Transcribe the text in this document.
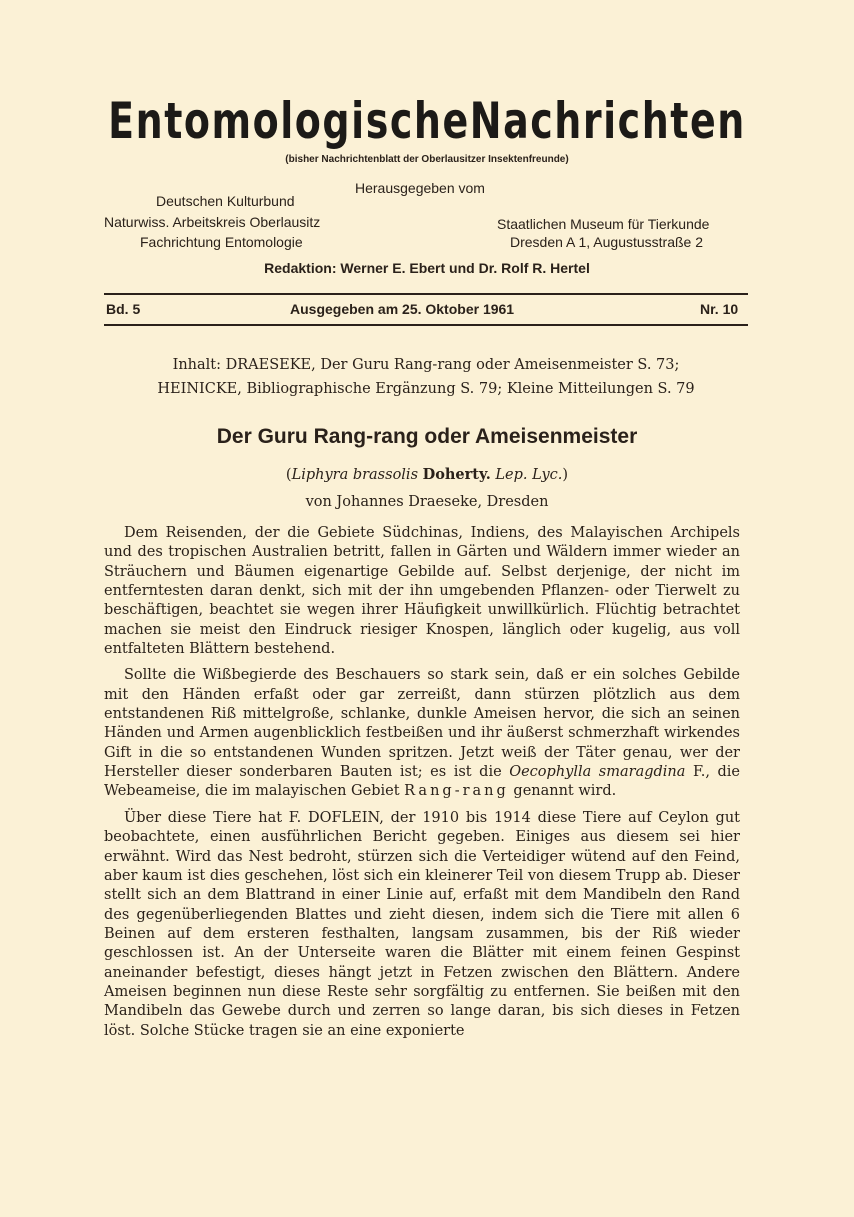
EntomologischeNachrichten
(bisher Nachrichtenblatt der Oberlausitzer Insektenfreunde)
Herausgegeben vom
Deutschen Kulturbund
Naturwiss. Arbeitskreis Oberlausitz
Fachrichtung Entomologie
Staatlichen Museum für Tierkunde
Dresden A 1, Augustusstraße 2
Redaktion: Werner E. Ebert und Dr. Rolf R. Hertel
Bd. 5	Ausgegeben am 25. Oktober 1961	Nr. 10
Inhalt: DRAESEKE, Der Guru Rang-rang oder Ameisenmeister S. 73;
HEINICKE, Bibliographische Ergänzung S. 79; Kleine Mitteilungen S. 79
Der Guru Rang-rang oder Ameisenmeister
(Liphyra brassolis Doherty. Lep. Lyc.)
von Johannes Draeseke, Dresden

Dem Reisenden, der die Gebiete Südchinas, Indiens, des Malayischen Archipels und des tropischen Australien betritt, fallen in Gärten und Wäldern immer wieder an Sträuchern und Bäumen eigenartige Gebilde auf. Selbst derjenige, der nicht im entferntesten daran denkt, sich mit der ihn umgebenden Pflanzen- oder Tierwelt zu beschäftigen, beachtet sie wegen ihrer Häufigkeit unwillkürlich. Flüchtig betrachtet machen sie meist den Eindruck riesiger Knospen, länglich oder kugelig, aus voll entfalteten Blättern bestehend.

Sollte die Wißbegierde des Beschauers so stark sein, daß er ein solches Gebilde mit den Händen erfaßt oder gar zerreißt, dann stürzen plötzlich aus dem entstandenen Riß mittelgroße, schlanke, dunkle Ameisen hervor, die sich an seinen Händen und Armen augenblicklich festbeißen und ihr äußerst schmerzhaft wirkendes Gift in die so entstandenen Wunden spritzen. Jetzt weiß der Täter genau, wer der Hersteller dieser sonderbaren Bauten ist; es ist die Oecophylla smaragdina F., die Webeameise, die im malayischen Gebiet Rang-rang genannt wird.

Über diese Tiere hat F. DOFLEIN, der 1910 bis 1914 diese Tiere auf Ceylon gut beobachtete, einen ausführlichen Bericht gegeben. Einiges aus diesem sei hier erwähnt. Wird das Nest bedroht, stürzen sich die Verteidiger wütend auf den Feind, aber kaum ist dies geschehen, löst sich ein kleinerer Teil von diesem Trupp ab. Dieser stellt sich an dem Blattrand in einer Linie auf, erfaßt mit dem Mandibeln den Rand des gegenüberliegenden Blattes und zieht diesen, indem sich die Tiere mit allen 6 Beinen auf dem ersteren festhalten, langsam zusammen, bis der Riß wieder geschlossen ist. An der Unterseite waren die Blätter mit einem feinen Gespinst aneinander befestigt, dieses hängt jetzt in Fetzen zwischen den Blättern. Andere Ameisen beginnen nun diese Reste sehr sorgfältig zu entfernen. Sie beißen mit den Mandibeln das Gewebe durch und zerren so lange daran, bis sich dieses in Fetzen löst. Solche Stücke tragen sie an eine exponierte
